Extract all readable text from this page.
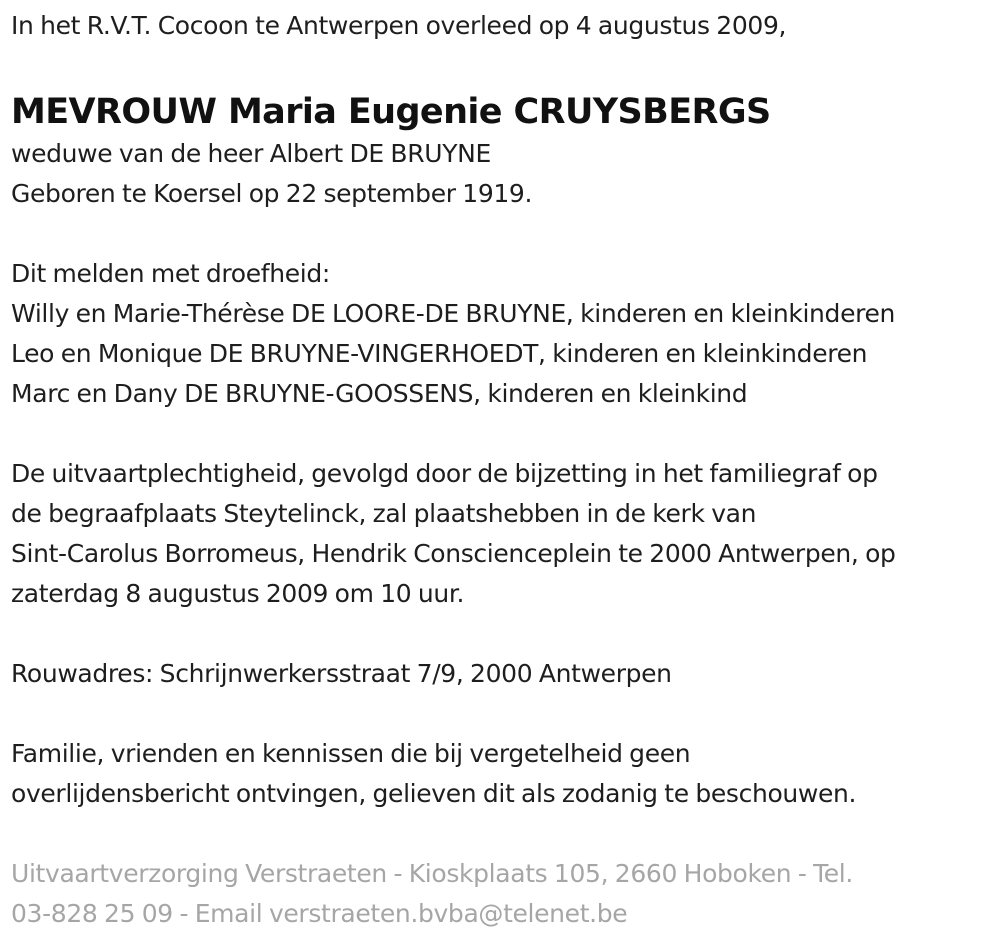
In het R.V.T. Cocoon te Antwerpen overleed op 4 augustus 2009,
MEVROUW Maria Eugenie CRUYSBERGS
weduwe van de heer Albert DE BRUYNE
Geboren te Koersel op 22 september 1919.
Dit melden met droefheid:
Willy en Marie-Thérèse DE LOORE-DE BRUYNE, kinderen en kleinkinderen
Leo en Monique DE BRUYNE-VINGERHOEDT, kinderen en kleinkinderen
Marc en Dany DE BRUYNE-GOOSSENS, kinderen en kleinkind
De uitvaartplechtigheid, gevolgd door de bijzetting in het familiegraf op
de begraafplaats Steytelinck, zal plaatshebben in de kerk van
Sint-Carolus Borromeus, Hendrik Conscienceplein te 2000 Antwerpen, op
zaterdag 8 augustus 2009 om 10 uur.
Rouwadres: Schrijnwerkersstraat 7/9, 2000 Antwerpen
Familie, vrienden en kennissen die bij vergetelheid geen
overlijdensbericht ontvingen, gelieven dit als zodanig te beschouwen.
Uitvaartverzorging Verstraeten - Kioskplaats 105, 2660 Hoboken - Tel.
03-828 25 09 - Email verstraeten.bvba@telenet.be
